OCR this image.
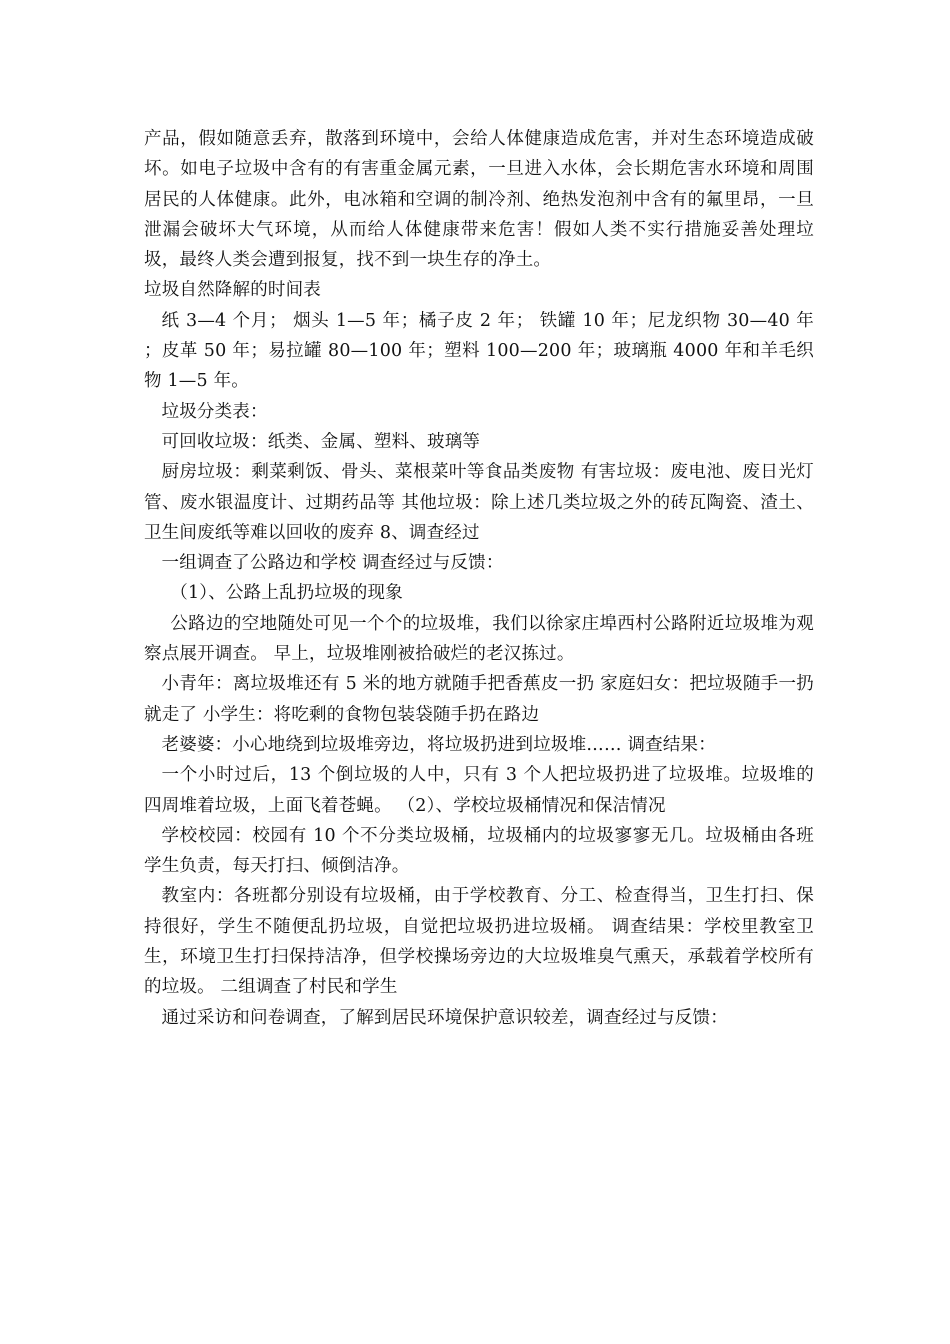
产品，假如随意丢弃，散落到环境中，会给人体健康造成危害，并对生态环境造成破坏。如电子垃圾中含有的有害重金属元素，一旦进入水体，会长期危害水环境和周围居民的人体健康。此外，电冰箱和空调的制冷剂、绝热发泡剂中含有的氟里昂，一旦泄漏会破坏大气环境，从而给人体健康带来危害！假如人类不实行措施妥善处理垃圾，最终人类会遭到报复，找不到一块生存的净土。

垃圾自然降解的时间表

纸 3—4 个月； 烟头 1—5 年；橘子皮 2 年； 铁罐 10 年；尼龙织物 30—40 年 ；皮革 50 年；易拉罐 80—100 年；塑料 100—200 年；玻璃瓶 4000 年和羊毛织物 1—5 年。

垃圾分类表：

可回收垃圾：纸类、金属、塑料、玻璃等

厨房垃圾：剩菜剩饭、骨头、菜根菜叶等食品类废物 有害垃圾：废电池、废日光灯管、废水银温度计、过期药品等 其他垃圾：除上述几类垃圾之外的砖瓦陶瓷、渣土、卫生间废纸等难以回收的废弃 8、调查经过

一组调查了公路边和学校 调查经过与反馈：

（1）、公路上乱扔垃圾的现象

公路边的空地随处可见一个个的垃圾堆，我们以徐家庄埠西村公路附近垃圾堆为观察点展开调查。 早上，垃圾堆刚被拾破烂的老汉拣过。

小青年：离垃圾堆还有 5 米的地方就随手把香蕉皮一扔 家庭妇女：把垃圾随手一扔就走了 小学生：将吃剩的食物包装袋随手扔在路边

老婆婆：小心地绕到垃圾堆旁边，将垃圾扔进到垃圾堆…… 调查结果：

一个小时过后，13 个倒垃圾的人中，只有 3 个人把垃圾扔进了垃圾堆。垃圾堆的四周堆着垃圾，上面飞着苍蝇。 （2）、学校垃圾桶情况和保洁情况

学校校园：校园有 10 个不分类垃圾桶，垃圾桶内的垃圾寥寥无几。垃圾桶由各班学生负责，每天打扫、倾倒洁净。

教室内：各班都分别设有垃圾桶，由于学校教育、分工、检查得当，卫生打扫、保持很好，学生不随便乱扔垃圾，自觉把垃圾扔进垃圾桶。 调查结果：学校里教室卫生，环境卫生打扫保持洁净，但学校操场旁边的大垃圾堆臭气熏天，承载着学校所有的垃圾。 二组调查了村民和学生

通过采访和问卷调查，了解到居民环境保护意识较差，调查经过与反馈：
